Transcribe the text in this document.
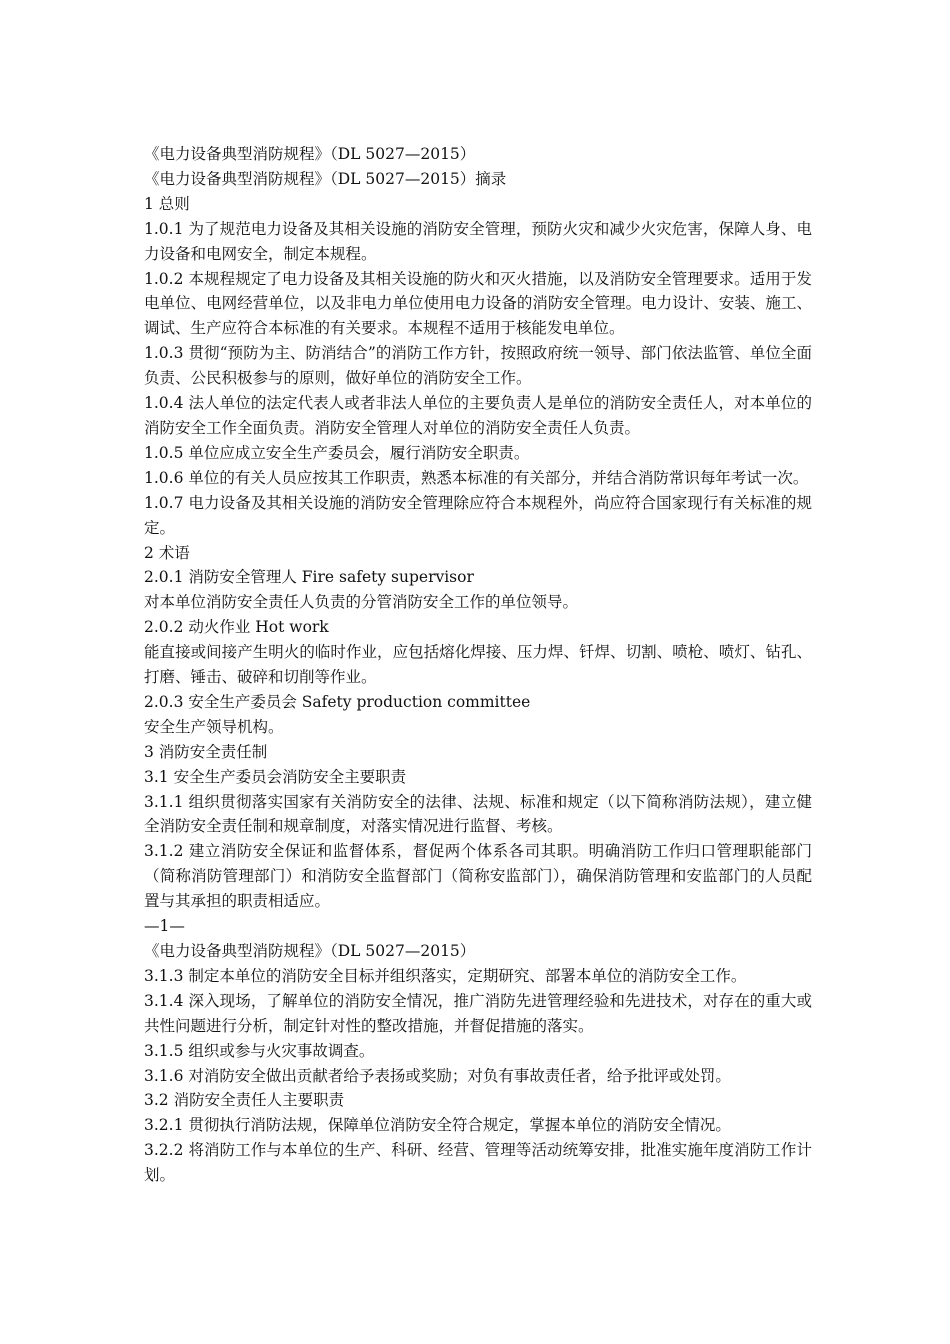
《电力设备典型消防规程》（DL 5027—2015）

《电力设备典型消防规程》（DL 5027—2015）摘录

1 总则

1.0.1 为了规范电力设备及其相关设施的消防安全管理，预防火灾和减少火灾危害，保障人身、电力设备和电网安全，制定本规程。

1.0.2 本规程规定了电力设备及其相关设施的防火和灭火措施，以及消防安全管理要求。适用于发电单位、电网经营单位，以及非电力单位使用电力设备的消防安全管理。电力设计、安装、施工、调试、生产应符合本标准的有关要求。本规程不适用于核能发电单位。

1.0.3 贯彻“预防为主、防消结合”的消防工作方针，按照政府统一领导、部门依法监管、单位全面负责、公民积极参与的原则，做好单位的消防安全工作。

1.0.4 法人单位的法定代表人或者非法人单位的主要负责人是单位的消防安全责任人，对本单位的消防安全工作全面负责。消防安全管理人对单位的消防安全责任人负责。

1.0.5 单位应成立安全生产委员会，履行消防安全职责。

1.0.6 单位的有关人员应按其工作职责，熟悉本标准的有关部分，并结合消防常识每年考试一次。

1.0.7 电力设备及其相关设施的消防安全管理除应符合本规程外，尚应符合国家现行有关标准的规定。

2 术语

2.0.1 消防安全管理人 Fire safety supervisor

对本单位消防安全责任人负责的分管消防安全工作的单位领导。

2.0.2 动火作业 Hot work

能直接或间接产生明火的临时作业，应包括熔化焊接、压力焊、钎焊、切割、喷枪、喷灯、钻孔、打磨、锤击、破碎和切削等作业。

2.0.3 安全生产委员会 Safety production committee

安全生产领导机构。

3 消防安全责任制

3.1 安全生产委员会消防安全主要职责

3.1.1 组织贯彻落实国家有关消防安全的法律、法规、标准和规定（以下简称消防法规），建立健全消防安全责任制和规章制度，对落实情况进行监督、考核。

3.1.2 建立消防安全保证和监督体系，督促两个体系各司其职。明确消防工作归口管理职能部门（简称消防管理部门）和消防安全监督部门（简称安监部门），确保消防管理和安监部门的人员配置与其承担的职责相适应。

—1—

《电力设备典型消防规程》（DL 5027—2015）

3.1.3 制定本单位的消防安全目标并组织落实，定期研究、部署本单位的消防安全工作。

3.1.4 深入现场，了解单位的消防安全情况，推广消防先进管理经验和先进技术，对存在的重大或共性问题进行分析，制定针对性的整改措施，并督促措施的落实。

3.1.5 组织或参与火灾事故调查。

3.1.6 对消防安全做出贡献者给予表扬或奖励；对负有事故责任者，给予批评或处罚。

3.2 消防安全责任人主要职责

3.2.1 贯彻执行消防法规，保障单位消防安全符合规定，掌握本单位的消防安全情况。

3.2.2 将消防工作与本单位的生产、科研、经营、管理等活动统筹安排，批准实施年度消防工作计划。
